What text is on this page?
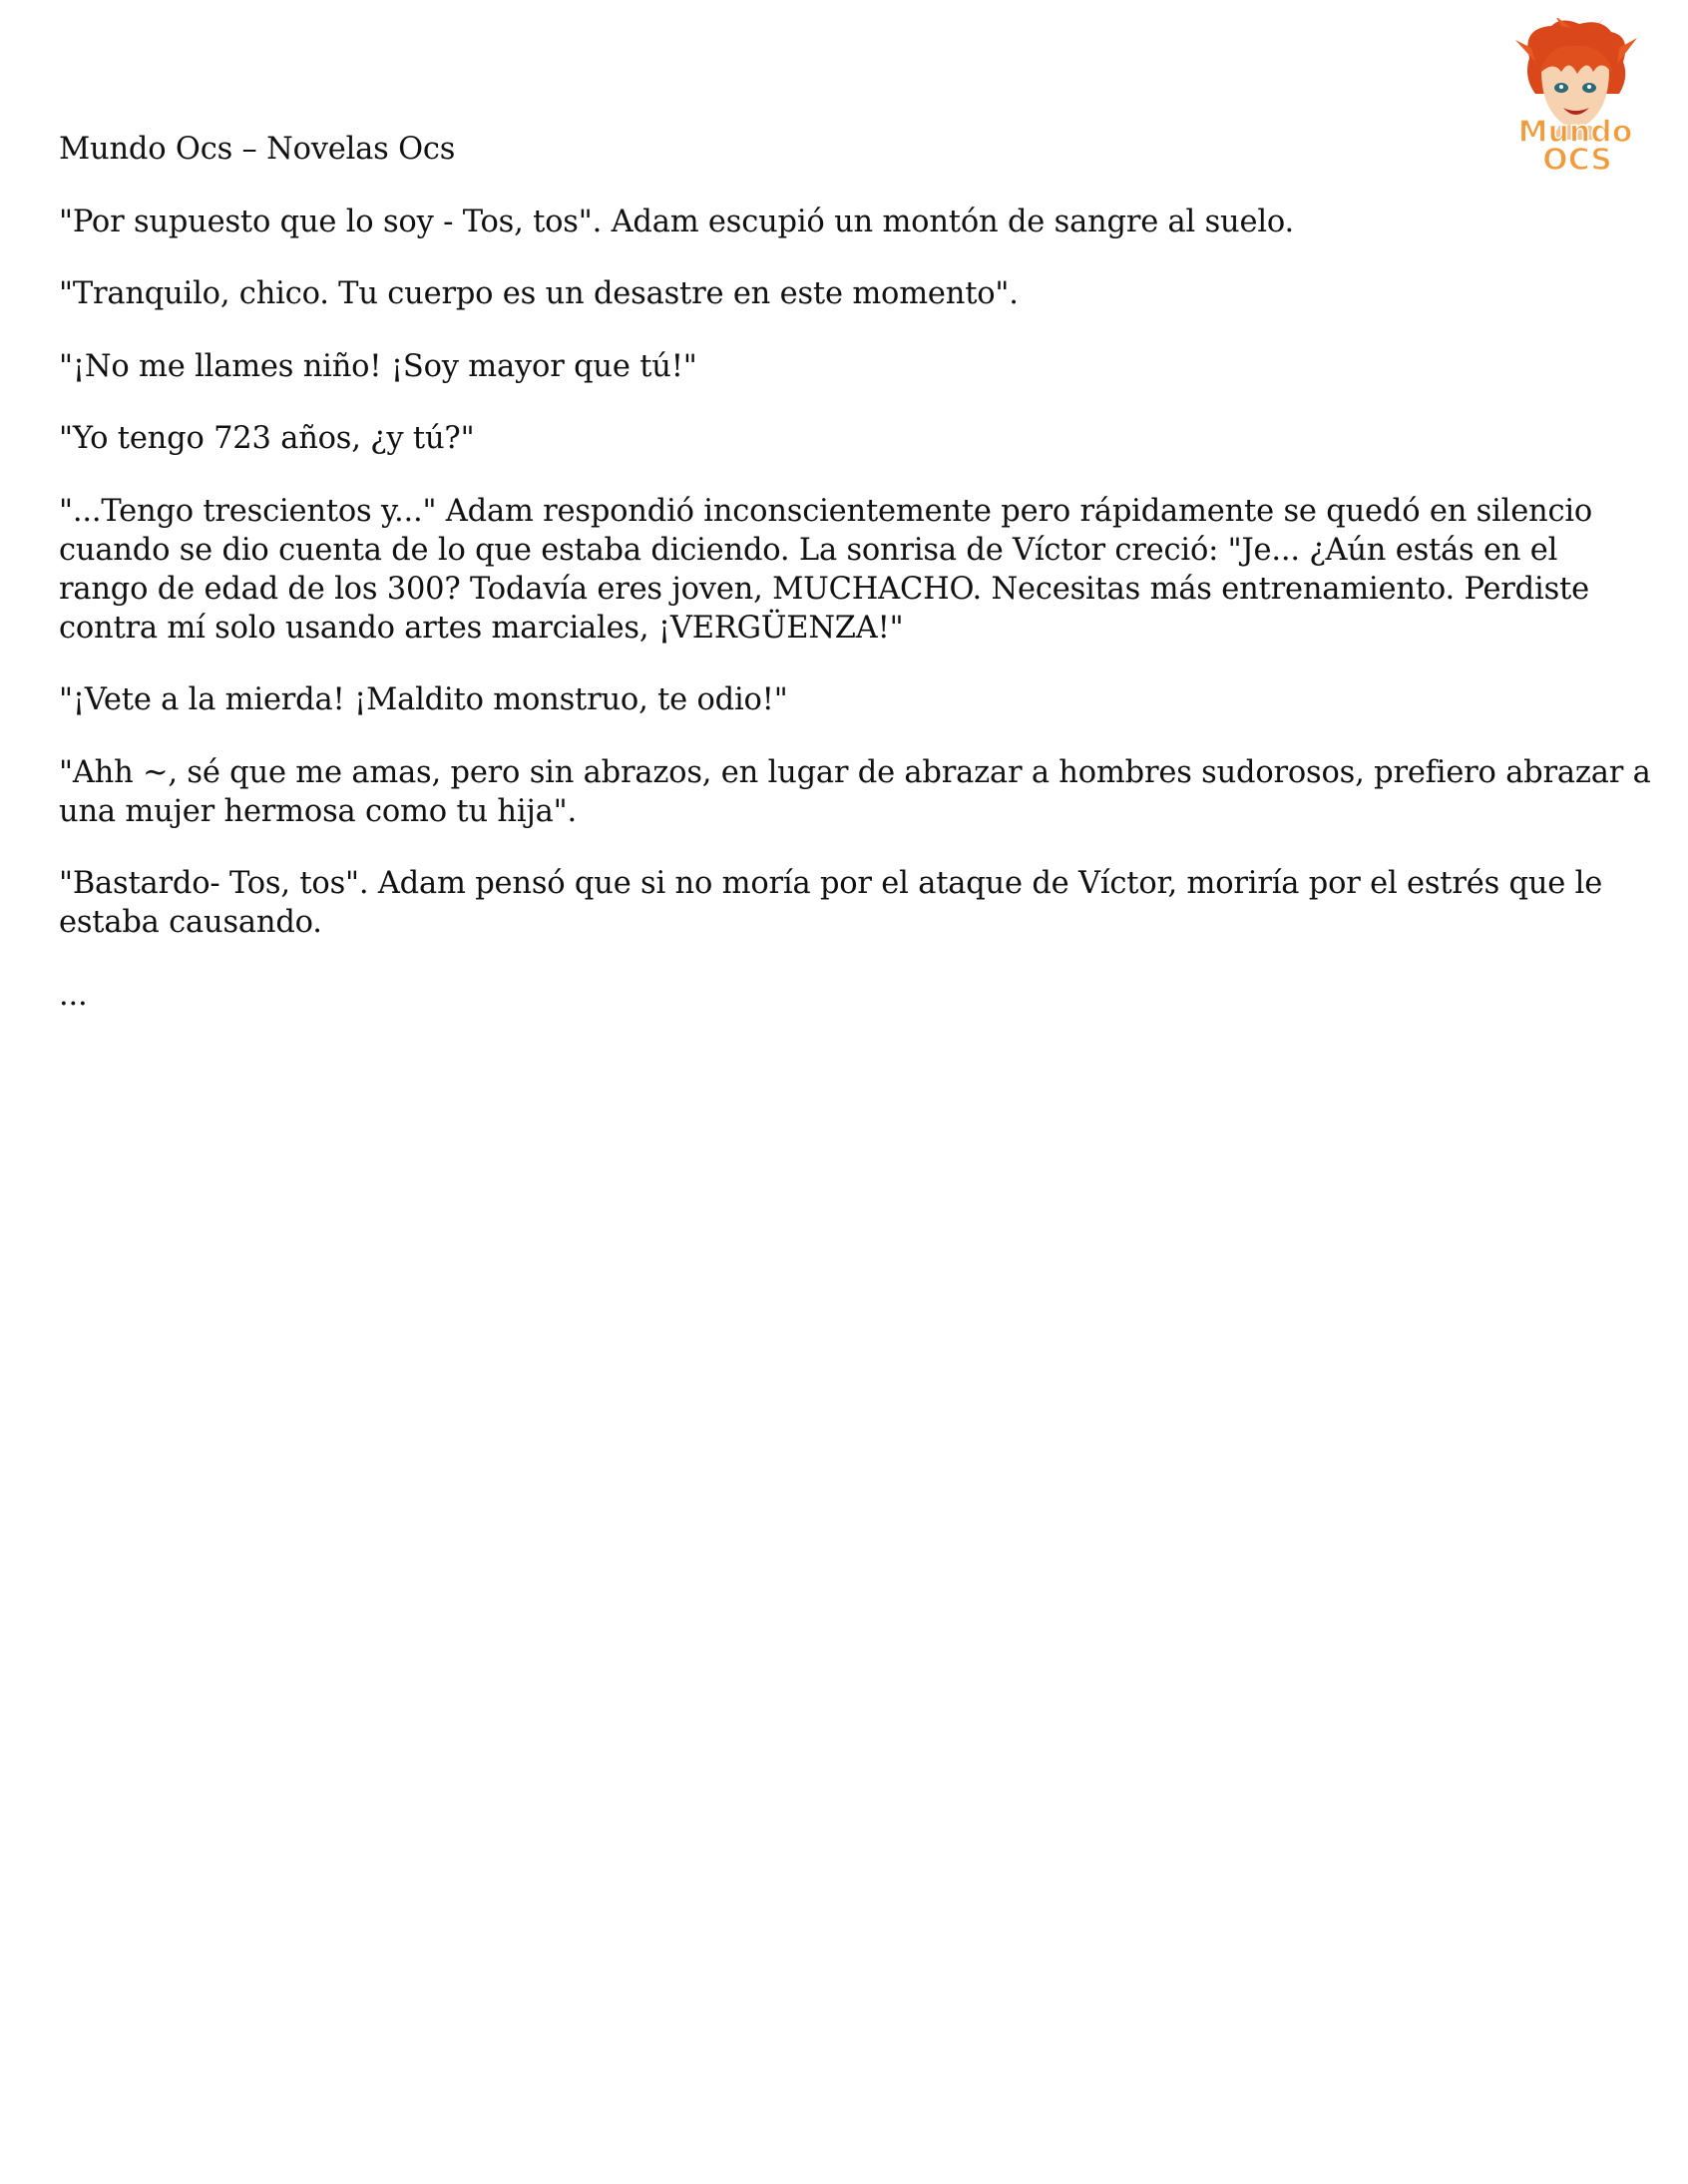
Mundo
OCS

Mundo Ocs – Novelas Ocs

"Por supuesto que lo soy - Tos, tos". Adam escupió un montón de sangre al suelo.

"Tranquilo, chico. Tu cuerpo es un desastre en este momento".

"¡No me llames niño! ¡Soy mayor que tú!"

"Yo tengo 723 años, ¿y tú?"

"...Tengo trescientos y..." Adam respondió inconscientemente pero rápidamente se quedó en silencio cuando se dio cuenta de lo que estaba diciendo. La sonrisa de Víctor creció: "Je... ¿Aún estás en el rango de edad de los 300? Todavía eres joven, MUCHACHO. Necesitas más entrenamiento. Perdiste contra mí solo usando artes marciales, ¡VERGÜENZA!"

"¡Vete a la mierda! ¡Maldito monstruo, te odio!"

"Ahh ~, sé que me amas, pero sin abrazos, en lugar de abrazar a hombres sudorosos, prefiero abrazar a una mujer hermosa como tu hija".

"Bastardo- Tos, tos". Adam pensó que si no moría por el ataque de Víctor, moriría por el estrés que le estaba causando.

...
